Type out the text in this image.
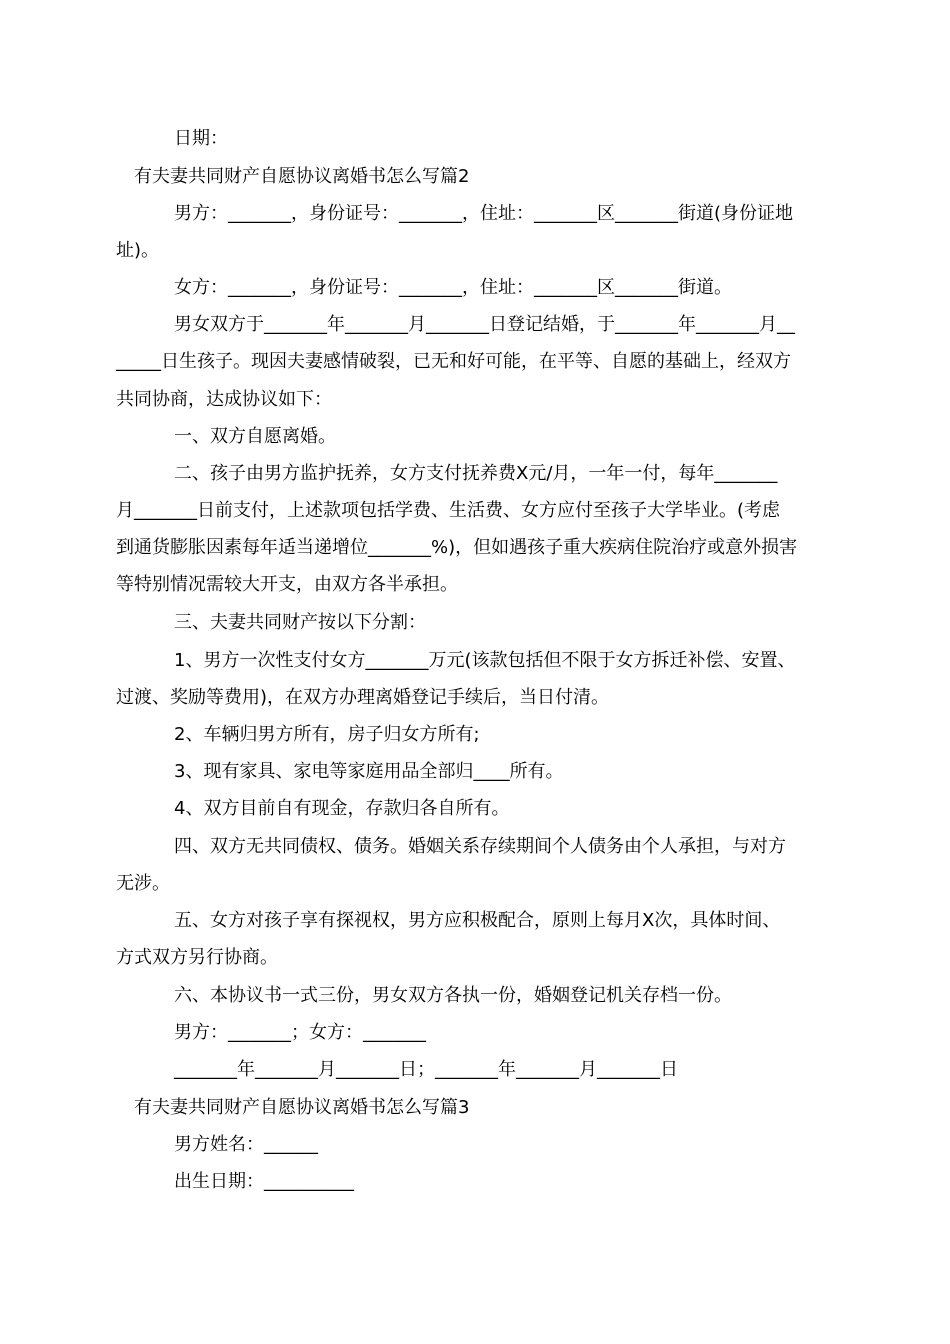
日期：
有夫妻共同财产自愿协议离婚书怎么写篇2
男方：_______，身份证号：_______，住址：_______区_______街道(身份证地
址)。
女方：_______，身份证号：_______，住址：_______区_______街道。
男女双方于_______年_______月_______日登记结婚，于_______年_______月__
_____日生孩子。现因夫妻感情破裂，已无和好可能，在平等、自愿的基础上，经双方
共同协商，达成协议如下：
一、双方自愿离婚。
二、孩子由男方监护抚养，女方支付抚养费X元/月，一年一付，每年_______
月_______日前支付，上述款项包括学费、生活费、女方应付至孩子大学毕业。(考虑
到通货膨胀因素每年适当递增位_______%)，但如遇孩子重大疾病住院治疗或意外损害
等特别情况需较大开支，由双方各半承担。
三、夫妻共同财产按以下分割：
1、男方一次性支付女方_______万元(该款包括但不限于女方拆迁补偿、安置、
过渡、奖励等费用)，在双方办理离婚登记手续后，当日付清。
2、车辆归男方所有，房子归女方所有;
3、现有家具、家电等家庭用品全部归____所有。
4、双方目前自有现金，存款归各自所有。
四、双方无共同债权、债务。婚姻关系存续期间个人债务由个人承担，与对方
无涉。
五、女方对孩子享有探视权，男方应积极配合，原则上每月X次，具体时间、
方式双方另行协商。
六、本协议书一式三份，男女双方各执一份，婚姻登记机关存档一份。
男方：_______；女方：_______
_______年_______月_______日；_______年_______月_______日
有夫妻共同财产自愿协议离婚书怎么写篇3
男方姓名：______
出生日期：__________
